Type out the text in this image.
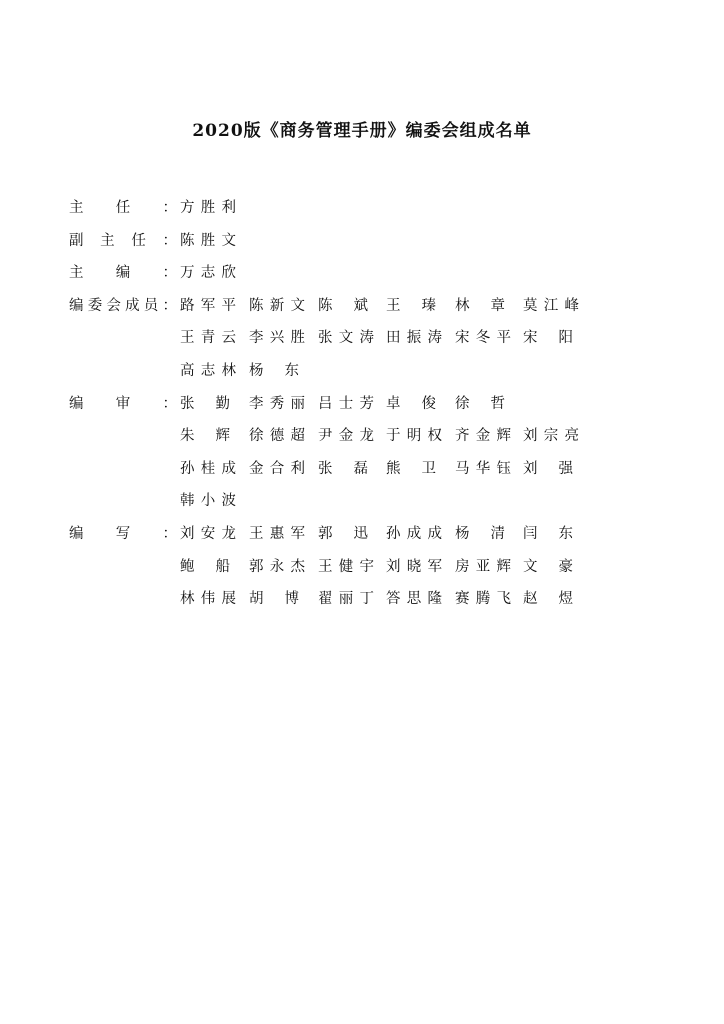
2020版《商务管理手册》编委会组成名单
主 任 ： 方 胜 利
副 主 任 ： 陈 胜 文
主 编 ： 万 志 欣
编 委 会 成 员 ： 路 军 平 陈 新 文 陈 斌 王 瑧 林 章 莫 江 峰
王 青 云 李 兴 胜 张 文 涛 田 振 涛 宋 冬 平 宋 阳
高 志 林 杨 东
编 审 ： 张 勤 李 秀 丽 吕 士 芳 卓 俊 徐 哲
朱 辉 徐 德 超 尹 金 龙 于 明 权 齐 金 辉 刘 宗 亮
孙 桂 成 金 合 利 张 磊 熊 卫 马 华 钰 刘 强
韩 小 波
编 写 ： 刘 安 龙 王 惠 军 郭 迅 孙 成 成 杨 清 闫 东
鲍 船 郭 永 杰 王 健 宇 刘 晓 军 房 亚 辉 文 豪
林 伟 展 胡 博 翟 丽 丁 答 思 隆 赛 腾 飞 赵 煜
